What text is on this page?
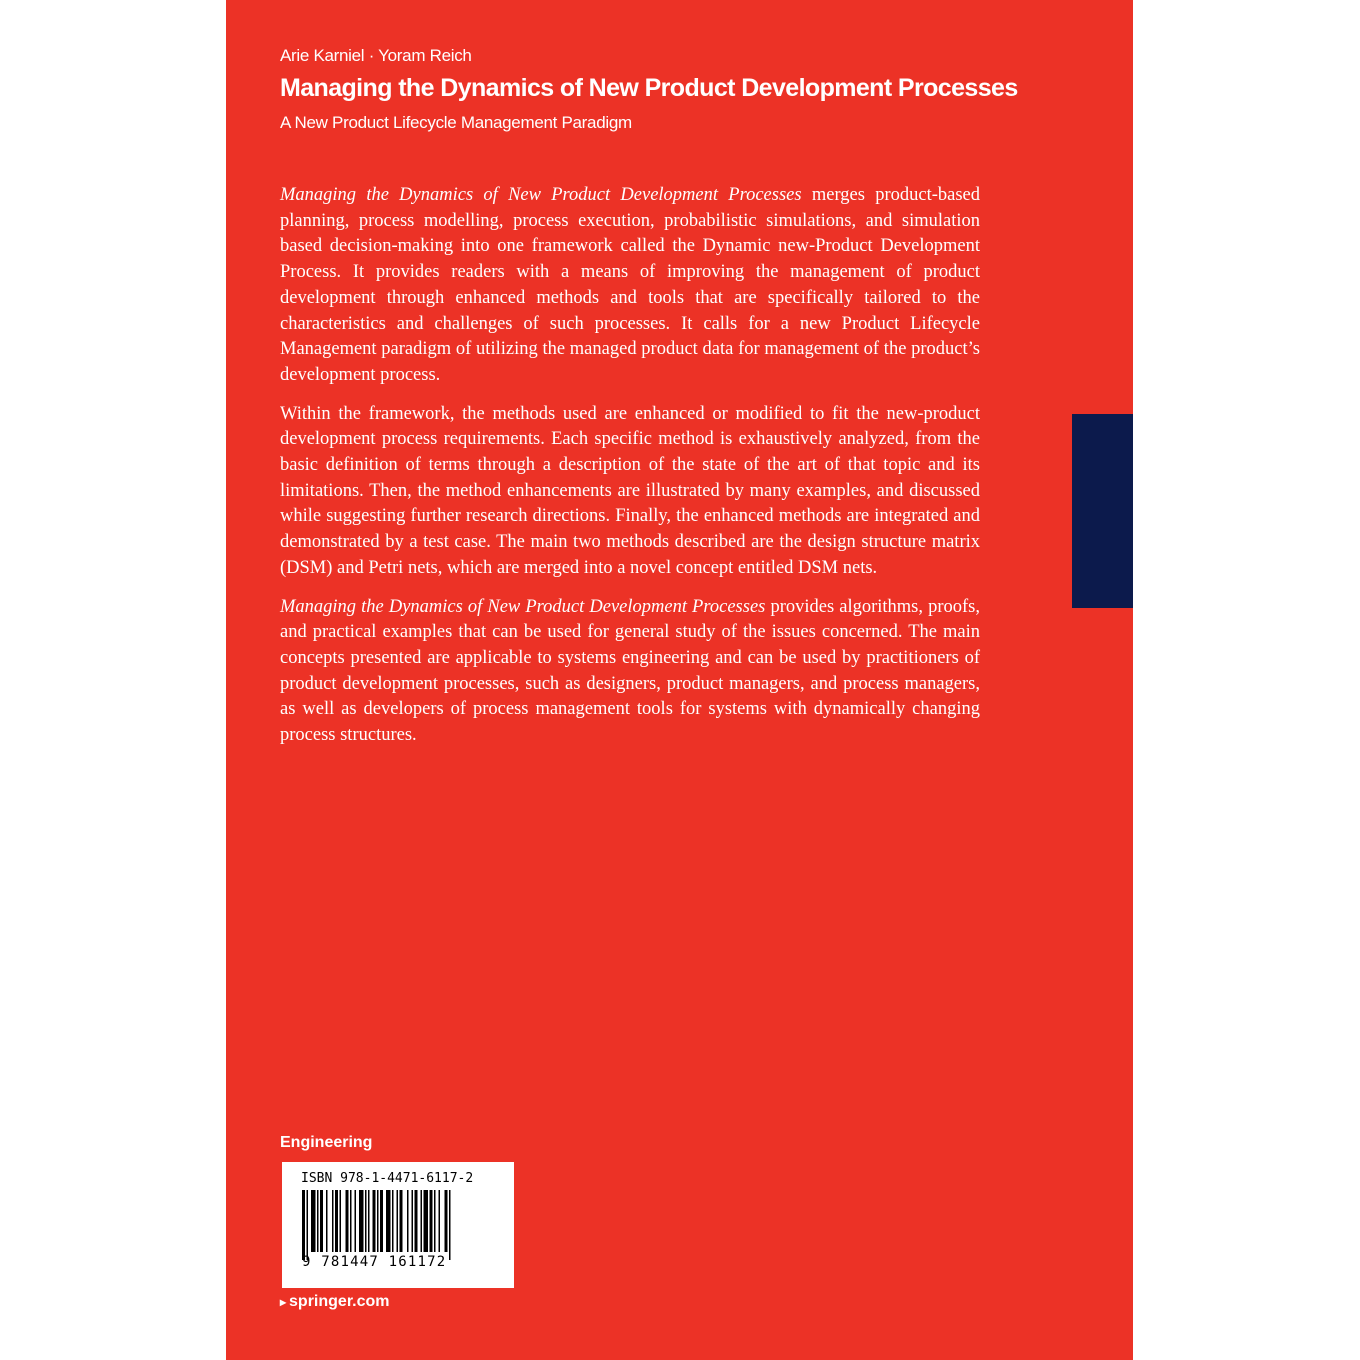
Arie Karniel · Yoram Reich
Managing the Dynamics of New Product Development Processes
A New Product Lifecycle Management Paradigm

Managing the Dynamics of New Product Development Processes merges product-based planning, process modelling, process execution, probabilistic simulations, and simulation based decision-making into one framework called the Dynamic new-Product Development Process. It provides readers with a means of improving the management of product development through enhanced methods and tools that are specifically tailored to the characteristics and challenges of such processes. It calls for a new Product Lifecycle Management paradigm of utilizing the managed product data for management of the product’s development process.

Within the framework, the methods used are enhanced or modified to fit the new-product development process requirements. Each specific method is exhaustively analyzed, from the basic definition of terms through a description of the state of the art of that topic and its limitations. Then, the method enhancements are illustrated by many examples, and discussed while suggesting further research directions. Finally, the enhanced methods are integrated and demonstrated by a test case. The main two methods described are the design structure matrix (DSM) and Petri nets, which are merged into a novel concept entitled DSM nets.

Managing the Dynamics of New Product Development Processes provides algorithms, proofs, and practical examples that can be used for general study of the issues concerned. The main concepts presented are applicable to systems engineering and can be used by practitioners of product development processes, such as designers, product managers, and process managers, as well as developers of process management tools for systems with dynamically changing process structures.

Engineering
ISBN 978-1-4471-6117-2
9 781447 161172
▸ springer.com
